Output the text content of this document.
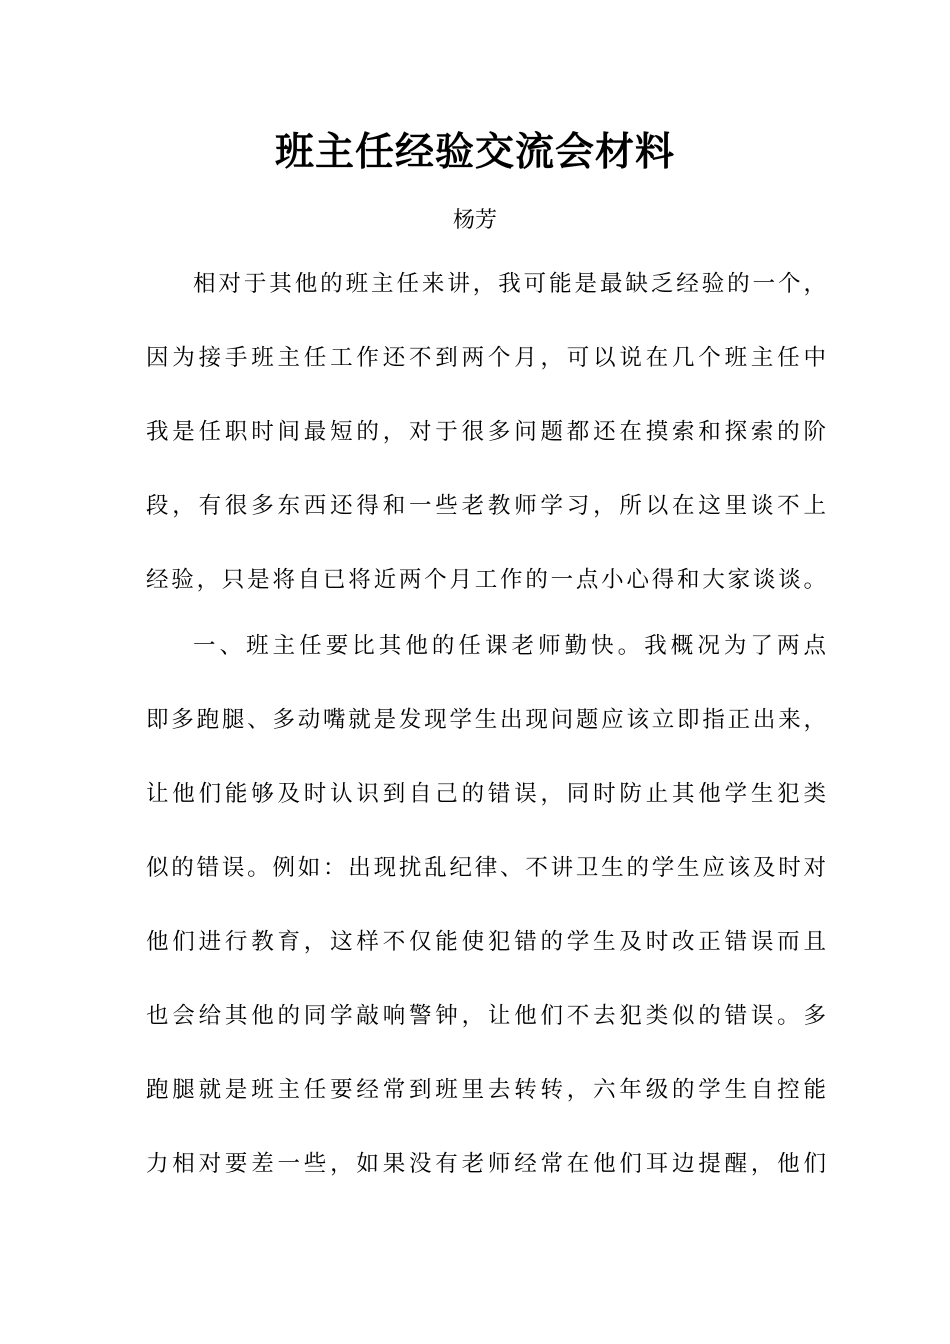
班主任经验交流会材料
杨芳
相对于其他的班主任来讲，我可能是最缺乏经验的一个，
因为接手班主任工作还不到两个月，可以说在几个班主任中
我是任职时间最短的，对于很多问题都还在摸索和探索的阶
段，有很多东西还得和一些老教师学习，所以在这里谈不上
经验，只是将自已将近两个月工作的一点小心得和大家谈谈。
一、班主任要比其他的任课老师勤快。我概况为了两点
即多跑腿、多动嘴就是发现学生出现问题应该立即指正出来，
让他们能够及时认识到自己的错误，同时防止其他学生犯类
似的错误。例如：出现扰乱纪律、不讲卫生的学生应该及时对
他们进行教育，这样不仅能使犯错的学生及时改正错误而且
也会给其他的同学敲响警钟，让他们不去犯类似的错误。多
跑腿就是班主任要经常到班里去转转，六年级的学生自控能
力相对要差一些，如果没有老师经常在他们耳边提醒，他们
